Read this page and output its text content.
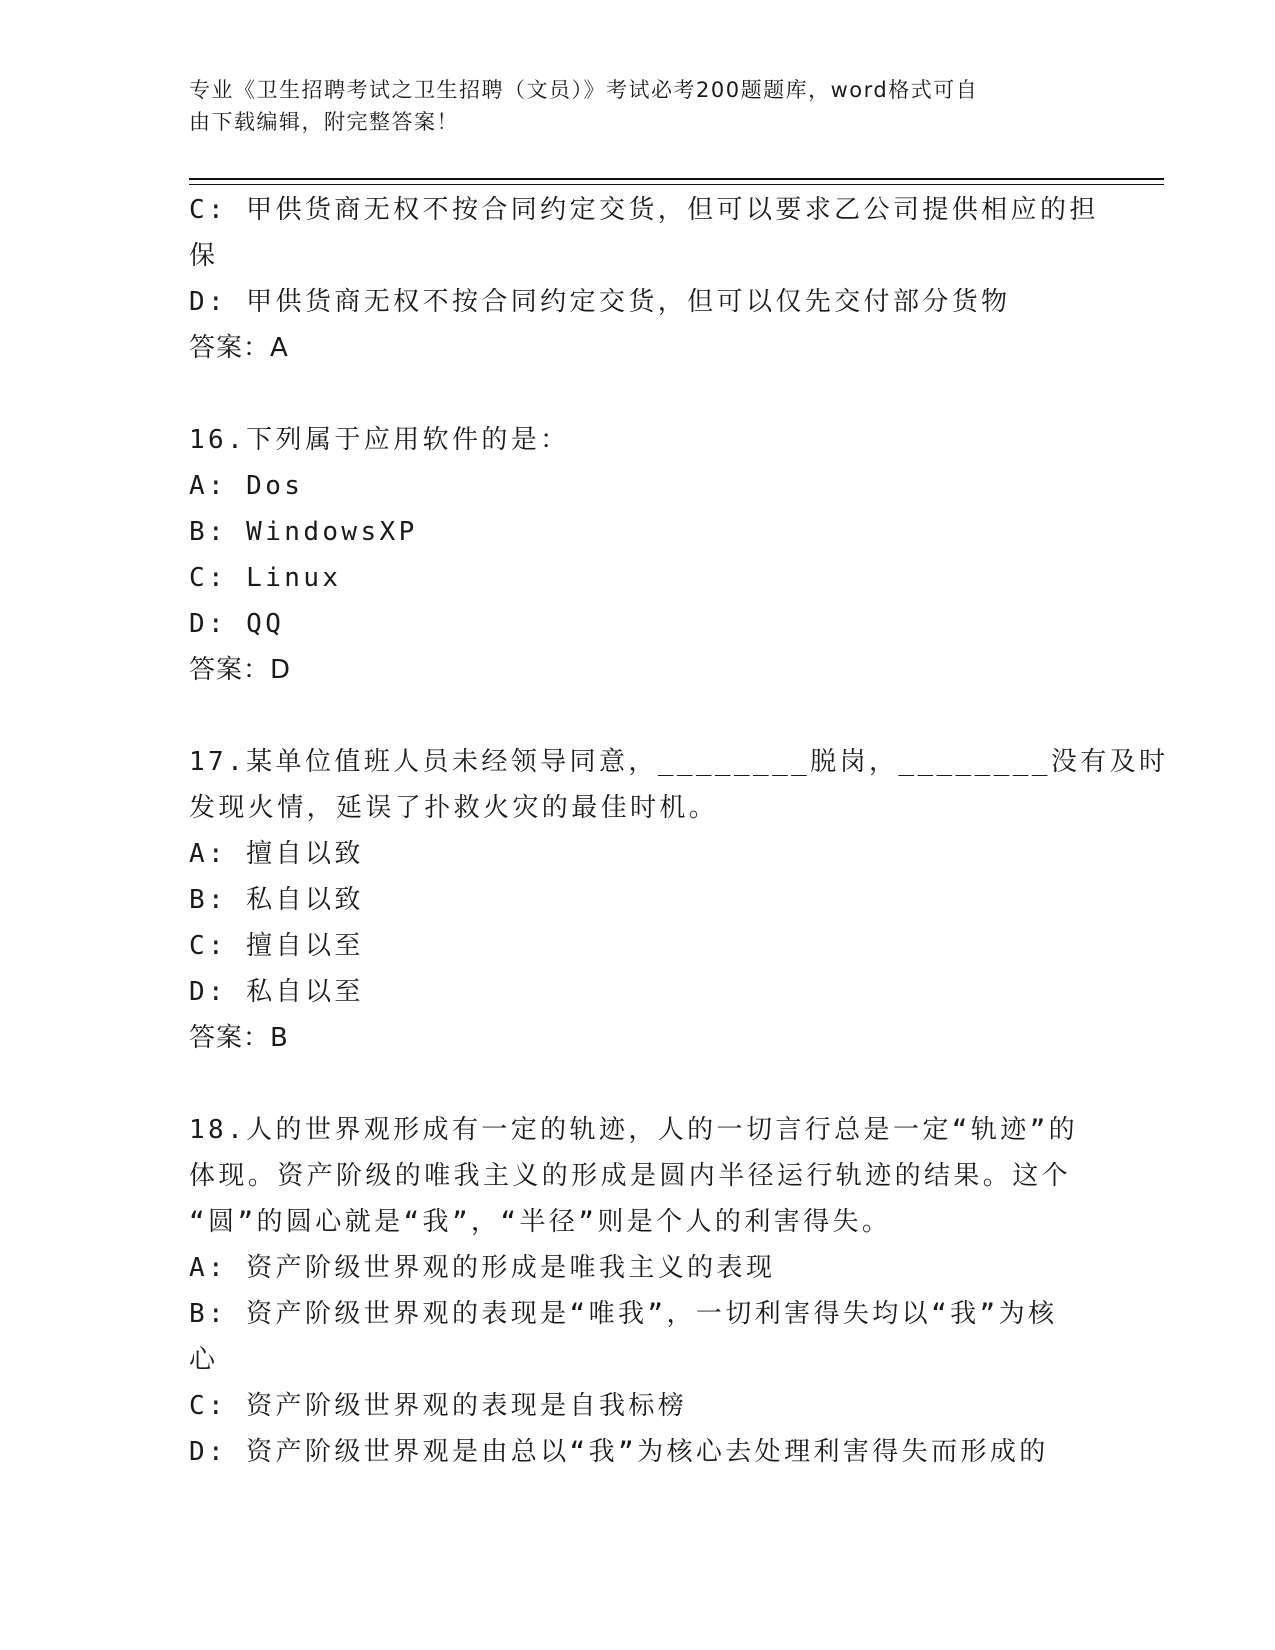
专业《卫生招聘考试之卫生招聘（文员）》考试必考200题题库，word格式可自
由下载编辑，附完整答案！
C: 甲供货商无权不按合同约定交货，但可以要求乙公司提供相应的担
保
D: 甲供货商无权不按合同约定交货，但可以仅先交付部分货物
答案：A
16.下列属于应用软件的是：
A: Dos
B: WindowsXP
C: Linux
D: QQ
答案：D
17.某单位值班人员未经领导同意，________脱岗，________没有及时
发现火情，延误了扑救火灾的最佳时机。
A: 擅自以致
B: 私自以致
C: 擅自以至
D: 私自以至
答案：B
18.人的世界观形成有一定的轨迹，人的一切言行总是一定“轨迹”的
体现。资产阶级的唯我主义的形成是圆内半径运行轨迹的结果。这个
“圆”的圆心就是“我”，“半径”则是个人的利害得失。
A: 资产阶级世界观的形成是唯我主义的表现
B: 资产阶级世界观的表现是“唯我”，一切利害得失均以“我”为核
心
C: 资产阶级世界观的表现是自我标榜
D: 资产阶级世界观是由总以“我”为核心去处理利害得失而形成的
